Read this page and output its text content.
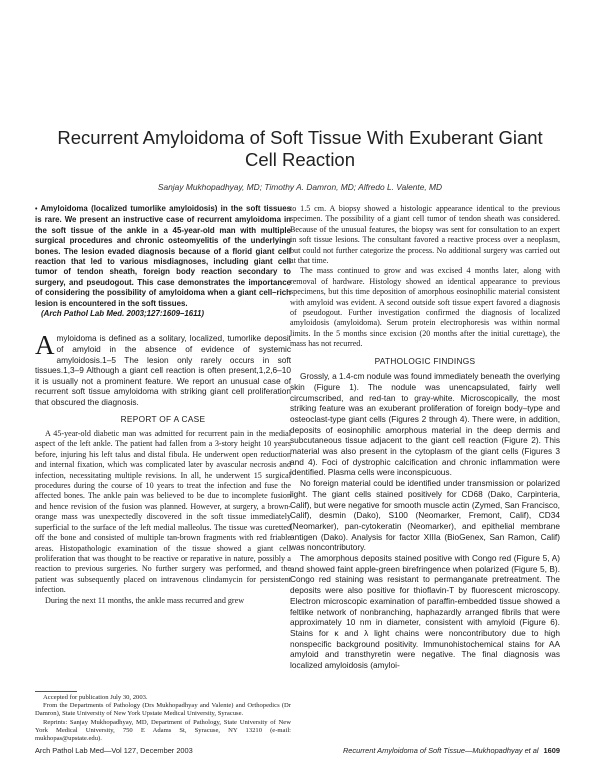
Recurrent Amyloidoma of Soft Tissue With Exuberant Giant Cell Reaction
Sanjay Mukhopadhyay, MD; Timothy A. Damron, MD; Alfredo L. Valente, MD

• Amyloidoma (localized tumorlike amyloidosis) in the soft tissues is rare. We present an instructive case of recurrent amyloidoma in the soft tissue of the ankle in a 45-year-old man with multiple surgical procedures and chronic osteomyelitis of the underlying bones. The lesion evaded diagnosis because of a florid giant cell reaction that led to various misdiagnoses, including giant cell tumor of tendon sheath, foreign body reaction secondary to surgery, and pseudogout. This case demonstrates the importance of considering the possibility of amyloidoma when a giant cell–rich lesion is encountered in the soft tissues.

(Arch Pathol Lab Med. 2003;127:1609–1611)

Amyloidoma is defined as a solitary, localized, tumorlike deposit of amyloid in the absence of evidence of systemic amyloidosis.1–5 The lesion only rarely occurs in soft tissues.1,3–9 Although a giant cell reaction is often present,1,2,6–10 it is usually not a prominent feature. We report an unusual case of recurrent soft tissue amyloidoma with striking giant cell proliferation that obscured the diagnosis.

REPORT OF A CASE

A 45-year-old diabetic man was admitted for recurrent pain in the medial aspect of the left ankle. The patient had fallen from a 3-story height 10 years before, injuring his left talus and distal fibula. He underwent open reduction and internal fixation, which was complicated later by avascular necrosis and infection, necessitating multiple revisions. In all, he underwent 15 surgical procedures during the course of 10 years to treat the infection and fuse the affected bones. The ankle pain was believed to be due to incomplete fusion and hence revision of the fusion was planned. However, at surgery, a brown-orange mass was unexpectedly discovered in the soft tissue immediately superficial to the surface of the left medial malleolus. The tissue was curetted off the bone and consisted of multiple tan-brown fragments with red friable areas. Histopathologic examination of the tissue showed a giant cell proliferation that was thought to be reactive or reparative in nature, possibly a reaction to previous surgeries. No further surgery was performed, and the patient was subsequently placed on intravenous clindamycin for persistent infection.

During the next 11 months, the ankle mass recurred and grew

to 1.5 cm. A biopsy showed a histologic appearance identical to the previous specimen. The possibility of a giant cell tumor of tendon sheath was considered. Because of the unusual features, the biopsy was sent for consultation to an expert in soft tissue lesions. The consultant favored a reactive process over a neoplasm, but could not further categorize the process. No additional surgery was carried out at that time.

The mass continued to grow and was excised 4 months later, along with removal of hardware. Histology showed an identical appearance to previous specimens, but this time deposition of amorphous eosinophilic material consistent with amyloid was evident. A second outside soft tissue expert favored a diagnosis of pseudogout. Further investigation confirmed the diagnosis of localized amyloidosis (amyloidoma). Serum protein electrophoresis was within normal limits. In the 5 months since excision (20 months after the initial curettage), the mass has not recurred.

PATHOLOGIC FINDINGS

Grossly, a 1.4-cm nodule was found immediately beneath the overlying skin (Figure 1). The nodule was unencapsulated, fairly well circumscribed, and red-tan to gray-white. Microscopically, the most striking feature was an exuberant proliferation of foreign body–type and osteoclast-type giant cells (Figures 2 through 4). There were, in addition, deposits of eosinophilic amorphous material in the deep dermis and subcutaneous tissue adjacent to the giant cell reaction (Figure 2). This material was also present in the cytoplasm of the giant cells (Figures 3 and 4). Foci of dystrophic calcification and chronic inflammation were identified. Plasma cells were inconspicuous.

No foreign material could be identified under transmission or polarized light. The giant cells stained positively for CD68 (Dako, Carpinteria, Calif), but were negative for smooth muscle actin (Zymed, San Francisco, Calif), desmin (Dako), S100 (Neomarker, Fremont, Calif), CD34 (Neomarker), pan-cytokeratin (Neomarker), and epithelial membrane antigen (Dako). Analysis for factor XIIIa (BioGenex, San Ramon, Calif) was noncontributory.

The amorphous deposits stained positive with Congo red (Figure 5, A) and showed faint apple-green birefringence when polarized (Figure 5, B). Congo red staining was resistant to permanganate pretreatment. The deposits were also positive for thioflavin-T by fluorescent microscopy. Electron microscopic examination of paraffin-embedded tissue showed a feltlike network of nonbranching, haphazardly arranged fibrils that were approximately 10 nm in diameter, consistent with amyloid (Figure 6). Stains for κ and λ light chains were noncontributory due to high nonspecific background positivity. Immunohistochemical stains for AA amyloid and transthyretin were negative. The final diagnosis was localized amyloidosis (amyloi-

Accepted for publication July 30, 2003.

From the Departments of Pathology (Drs Mukhopadhyay and Valente) and Orthopedics (Dr Damron), State University of New York Upstate Medical University, Syracuse.

Reprints: Sanjay Mukhopadhyay, MD, Department of Pathology, State University of New York Medical University, 750 E Adams St, Syracuse, NY 13210 (e-mail: mukhopas@upstate.edu).

Arch Pathol Lab Med—Vol 127, December 2003	Recurrent Amyloidoma of Soft Tissue—Mukhopadhyay et al 1609
